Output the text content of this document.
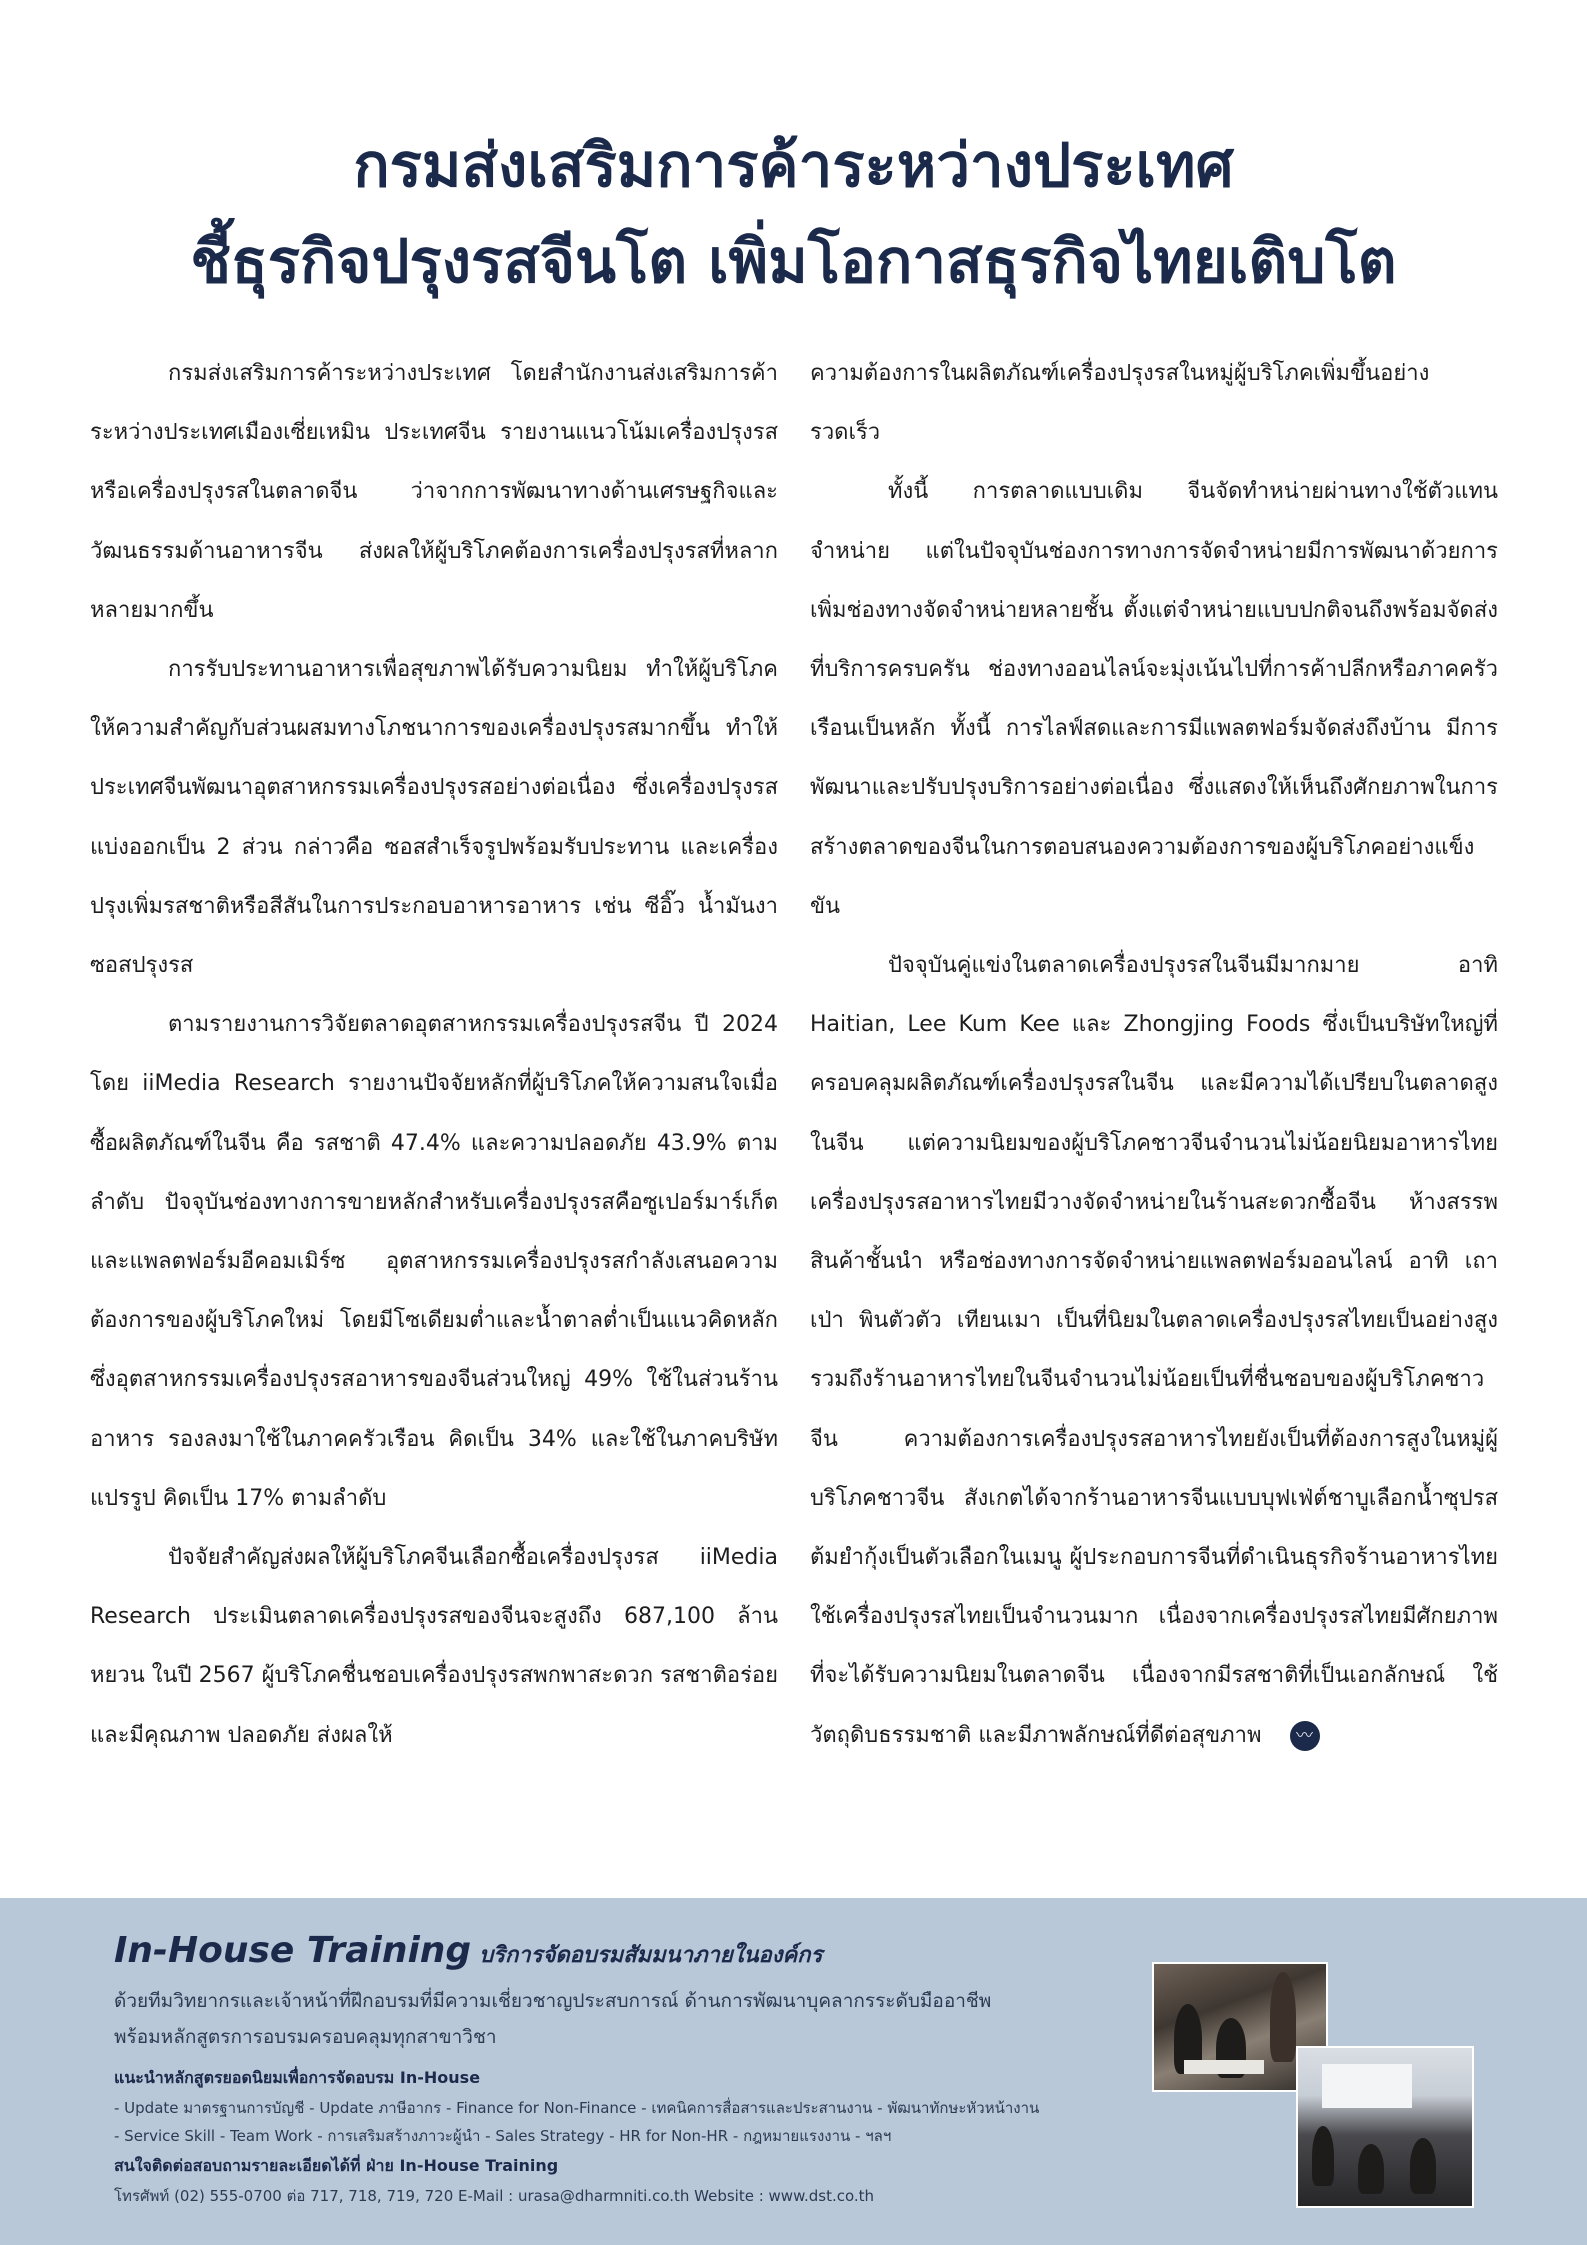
กรมส่งเสริมการค้าระหว่างประเทศ
ชี้ธุรกิจปรุงรสจีนโต เพิ่มโอกาสธุรกิจไทยเติบโต

กรมส่งเสริมการค้าระหว่างประเทศ โดยสำนักงานส่งเสริมการค้าระหว่างประเทศเมืองเซี่ยเหมิน ประเทศจีน รายงานแนวโน้มเครื่องปรุงรสหรือเครื่องปรุงรสในตลาดจีน ว่าจากการพัฒนาทางด้านเศรษฐกิจและวัฒนธรรมด้านอาหารจีน ส่งผลให้ผู้บริโภคต้องการเครื่องปรุงรสที่หลากหลายมากขึ้น

การรับประทานอาหารเพื่อสุขภาพได้รับความนิยม ทำให้ผู้บริโภคให้ความสำคัญกับส่วนผสมทางโภชนาการของเครื่องปรุงรสมากขึ้น ทำให้ประเทศจีนพัฒนาอุตสาหกรรมเครื่องปรุงรสอย่างต่อเนื่อง ซึ่งเครื่องปรุงรสแบ่งออกเป็น 2 ส่วน กล่าวคือ ซอสสำเร็จรูปพร้อมรับประทาน และเครื่องปรุงเพิ่มรสชาติหรือสีสันในการประกอบอาหารอาหาร เช่น ซีอิ๊ว น้ำมันงา ซอสปรุงรส

ตามรายงานการวิจัยตลาดอุตสาหกรรมเครื่องปรุงรสจีน ปี 2024 โดย iiMedia Research รายงานปัจจัยหลักที่ผู้บริโภคให้ความสนใจเมื่อซื้อผลิตภัณฑ์ในจีน คือ รสชาติ 47.4% และความปลอดภัย 43.9% ตามลำดับ ปัจจุบันช่องทางการขายหลักสำหรับเครื่องปรุงรสคือซูเปอร์มาร์เก็ตและแพลตฟอร์มอีคอมเมิร์ซ อุตสาหกรรมเครื่องปรุงรสกำลังเสนอความต้องการของผู้บริโภคใหม่ โดยมีโซเดียมต่ำและน้ำตาลต่ำเป็นแนวคิดหลัก ซึ่งอุตสาหกรรมเครื่องปรุงรสอาหารของจีนส่วนใหญ่ 49% ใช้ในส่วนร้านอาหาร รองลงมาใช้ในภาคครัวเรือน คิดเป็น 34% และใช้ในภาคบริษัทแปรรูป คิดเป็น 17% ตามลำดับ

ปัจจัยสำคัญส่งผลให้ผู้บริโภคจีนเลือกซื้อเครื่องปรุงรส iiMedia Research ประเมินตลาดเครื่องปรุงรสของจีนจะสูงถึง 687,100 ล้านหยวน ในปี 2567 ผู้บริโภคชื่นชอบเครื่องปรุงรสพกพาสะดวก รสชาติอร่อย และมีคุณภาพ ปลอดภัย ส่งผลให้

ความต้องการในผลิตภัณฑ์เครื่องปรุงรสในหมู่ผู้บริโภคเพิ่มขึ้นอย่างรวดเร็ว

ทั้งนี้ การตลาดแบบเดิม จีนจัดทำหน่ายผ่านทางใช้ตัวแทนจำหน่าย แต่ในปัจจุบันช่องการทางการจัดจำหน่ายมีการพัฒนาด้วยการเพิ่มช่องทางจัดจำหน่ายหลายชั้น ตั้งแต่จำหน่ายแบบปกติจนถึงพร้อมจัดส่งที่บริการครบครัน ช่องทางออนไลน์จะมุ่งเน้นไปที่การค้าปลีกหรือภาคครัวเรือนเป็นหลัก ทั้งนี้ การไลฟ์สดและการมีแพลตฟอร์มจัดส่งถึงบ้าน มีการพัฒนาและปรับปรุงบริการอย่างต่อเนื่อง ซึ่งแสดงให้เห็นถึงศักยภาพในการสร้างตลาดของจีนในการตอบสนองความต้องการของผู้บริโภคอย่างแข็งขัน

ปัจจุบันคู่แข่งในตลาดเครื่องปรุงรสในจีนมีมากมาย อาทิ Haitian, Lee Kum Kee และ Zhongjing Foods ซึ่งเป็นบริษัทใหญ่ที่ครอบคลุมผลิตภัณฑ์เครื่องปรุงรสในจีน และมีความได้เปรียบในตลาดสูงในจีน แต่ความนิยมของผู้บริโภคชาวจีนจำนวนไม่น้อยนิยมอาหารไทย เครื่องปรุงรสอาหารไทยมีวางจัดจำหน่ายในร้านสะดวกซื้อจีน ห้างสรรพสินค้าชั้นนำ หรือช่องทางการจัดจำหน่ายแพลตฟอร์มออนไลน์ อาทิ เถาเป่า พินตัวตัว เทียนเมา เป็นที่นิยมในตลาดเครื่องปรุงรสไทยเป็นอย่างสูง รวมถึงร้านอาหารไทยในจีนจำนวนไม่น้อยเป็นที่ชื่นชอบของผู้บริโภคชาวจีน ความต้องการเครื่องปรุงรสอาหารไทยยังเป็นที่ต้องการสูงในหมู่ผู้บริโภคชาวจีน สังเกตได้จากร้านอาหารจีนแบบบุฟเฟ่ต์ชาบูเลือกน้ำซุปรสต้มยำกุ้งเป็นตัวเลือกในเมนู ผู้ประกอบการจีนที่ดำเนินธุรกิจร้านอาหารไทย ใช้เครื่องปรุงรสไทยเป็นจำนวนมาก เนื่องจากเครื่องปรุงรสไทยมีศักยภาพที่จะได้รับความนิยมในตลาดจีน เนื่องจากมีรสชาติที่เป็นเอกลักษณ์ ใช้วัตถุดิบธรรมชาติ และมีภาพลักษณ์ที่ดีต่อสุขภาพ 〰

In-House Training บริการจัดอบรมสัมมนาภายในองค์กร
ด้วยทีมวิทยากรและเจ้าหน้าที่ฝึกอบรมที่มีความเชี่ยวชาญประสบการณ์ ด้านการพัฒนาบุคลากรระดับมืออาชีพ
พร้อมหลักสูตรการอบรมครอบคลุมทุกสาขาวิชา
แนะนำหลักสูตรยอดนิยมเพื่อการจัดอบรม In-House
- Update มาตรฐานการบัญชี - Update ภาษีอากร - Finance for Non-Finance - เทคนิคการสื่อสารและประสานงาน - พัฒนาทักษะหัวหน้างาน
- Service Skill - Team Work - การเสริมสร้างภาวะผู้นำ - Sales Strategy - HR for Non-HR - กฎหมายแรงงาน - ฯลฯ
สนใจติดต่อสอบถามรายละเอียดได้ที่ ฝ่าย In-House Training
โทรศัพท์ (02) 555-0700 ต่อ 717, 718, 719, 720 E-Mail : urasa@dharmniti.co.th Website : www.dst.co.th
